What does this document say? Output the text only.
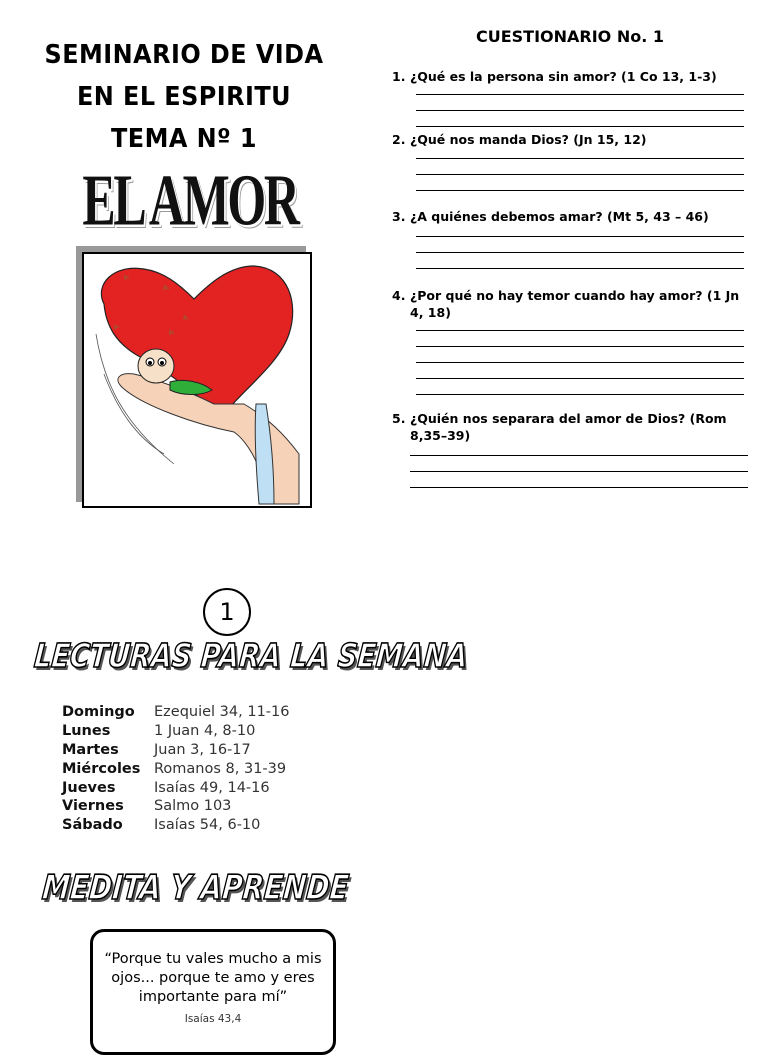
SEMINARIO DE VIDA
EN EL ESPIRITU
TEMA Nº 1
EL AMOR
1
LECTURAS PARA LA SEMANA
Domingo	Ezequiel 34, 11-16
Lunes	1 Juan 4, 8-10
Martes	Juan 3, 16-17
Miércoles Romanos 8, 31-39
Jueves	Isaías 49, 14-16
Viernes	Salmo 103
Sábado	Isaías 54, 6-10
MEDITA Y APRENDE
“Porque tu vales mucho a mis ojos... porque te amo y eres importante para mí”
Isaías 43,4
CUESTIONARIO No. 1
1. ¿Qué es la persona sin amor? (1 Co 13, 1-3)
2. ¿Qué nos manda Dios? (Jn 15, 12)
3. ¿A quiénes debemos amar? (Mt 5, 43 – 46)
4. ¿Por qué no hay temor cuando hay amor? (1 Jn 4, 18)
5. ¿Quién nos separara del amor de Dios? (Rom 8,35–39)
